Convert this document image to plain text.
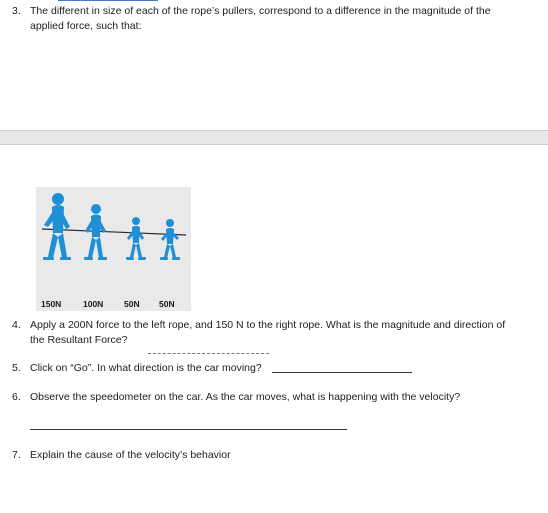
3. The different in size of each of the rope’s pullers, correspond to a difference in the magnitude of the
applied force, such that:
150N	100N 50N 50N
4. Apply a 200N force to the left rope, and 150 N to the right rope. What is the magnitude and direction of
the Resultant Force?
5. Click on “Go”. In what direction is the car moving?
6. Observe the speedometer on the car. As the car moves, what is happening with the velocity?
7. Explain the cause of the velocity’s behavior
